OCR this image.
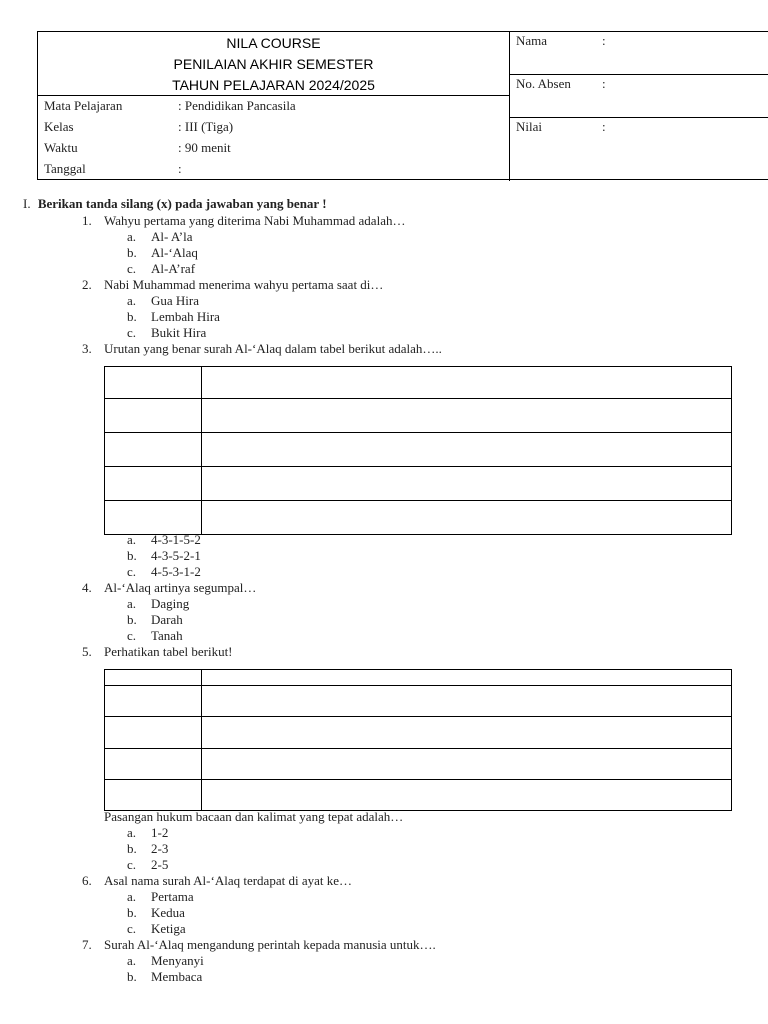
NILA COURSE
PENILAIAN AKHIR SEMESTER
TAHUN PELAJARAN 2024/2025
Mata Pelajaran	: Pendidikan Pancasila
Kelas	: III (Tiga)
Waktu	: 90 menit
Tanggal	:
Nama	:
No. Absen :
Nilai	:
I. Berikan tanda silang (x) pada jawaban yang benar !
1. Wahyu pertama yang diterima Nabi Muhammad adalah…
a. Al- A’la
b. Al-‘Alaq
c. Al-A’raf
2. Nabi Muhammad menerima wahyu pertama saat di…
a. Gua Hira
b. Lembah Hira
c. Bukit Hira
3. Urutan yang benar surah Al-‘Alaq dalam tabel berikut adalah…..

a. 4-3-1-5-2
b. 4-3-5-2-1
c. 4-5-3-1-2
4. Al-‘Alaq artinya segumpal…
a. Daging
b. Darah
c. Tanah
5. Perhatikan tabel berikut!

Pasangan hukum bacaan dan kalimat yang tepat adalah…
a. 1-2
b. 2-3
c. 2-5
6. Asal nama surah Al-‘Alaq terdapat di ayat ke…
a. Pertama
b. Kedua
c. Ketiga
7. Surah Al-‘Alaq mengandung perintah kepada manusia untuk….
a. Menyanyi
b. Membaca
